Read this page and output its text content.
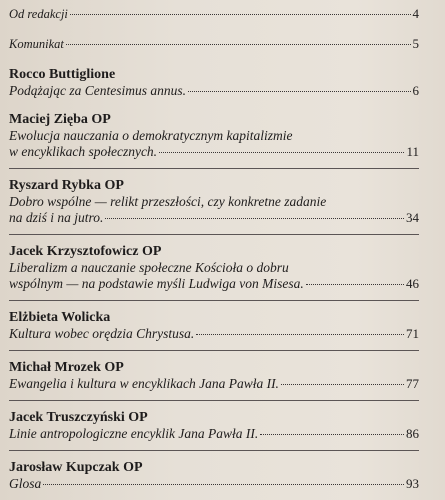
Od redakcji	4
Komunikat	5
Rocco Buttiglione
Podążając za Centesimus annus.	6
Maciej Zięba OP
Ewolucja nauczania o demokratycznym kapitalizmie
w encyklikach społecznych.	11
Ryszard Rybka OP
Dobro wspólne — relikt przeszłości, czy konkretne zadanie
na dziś i na jutro.	34
Jacek Krzysztofowicz OP
Liberalizm a nauczanie społeczne Kościoła o dobru
wspólnym — na podstawie myśli Ludwiga von Misesa.	46
Elżbieta Wolicka
Kultura wobec orędzia Chrystusa.	71
Michał Mrozek OP
Ewangelia i kultura w encyklikach Jana Pawła II.	77
Jacek Truszczyński OP
Linie antropologiczne encyklik Jana Pawła II.	86
Jarosław Kupczak OP
Glosa	93
